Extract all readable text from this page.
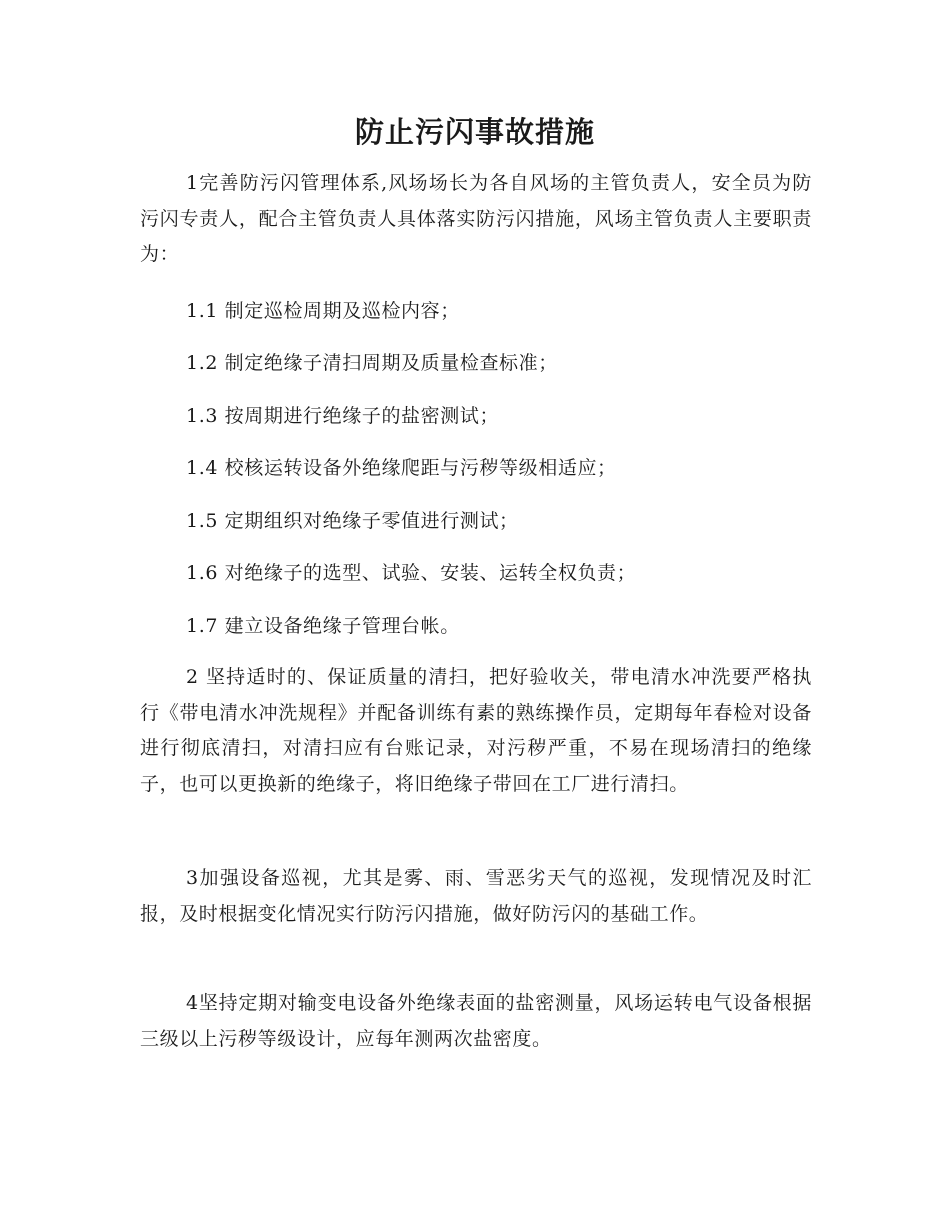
防止污闪事故措施

1完善防污闪管理体系,风场场长为各自风场的主管负责人，安全员为防污闪专责人，配合主管负责人具体落实防污闪措施，风场主管负责人主要职责为：

1.1 制定巡检周期及巡检内容；

1.2 制定绝缘子清扫周期及质量检查标准；

1.3 按周期进行绝缘子的盐密测试；

1.4 校核运转设备外绝缘爬距与污秽等级相适应；

1.5 定期组织对绝缘子零值进行测试；

1.6 对绝缘子的选型、试验、安装、运转全权负责；

1.7 建立设备绝缘子管理台帐。

2 坚持适时的、保证质量的清扫，把好验收关，带电清水冲洗要严格执行《带电清水冲洗规程》并配备训练有素的熟练操作员，定期每年春检对设备进行彻底清扫，对清扫应有台账记录，对污秽严重，不易在现场清扫的绝缘子，也可以更换新的绝缘子，将旧绝缘子带回在工厂进行清扫。

3加强设备巡视，尤其是雾、雨、雪恶劣天气的巡视，发现情况及时汇报，及时根据变化情况实行防污闪措施，做好防污闪的基础工作。

4坚持定期对输变电设备外绝缘表面的盐密测量，风场运转电气设备根据三级以上污秽等级设计，应每年测两次盐密度。
